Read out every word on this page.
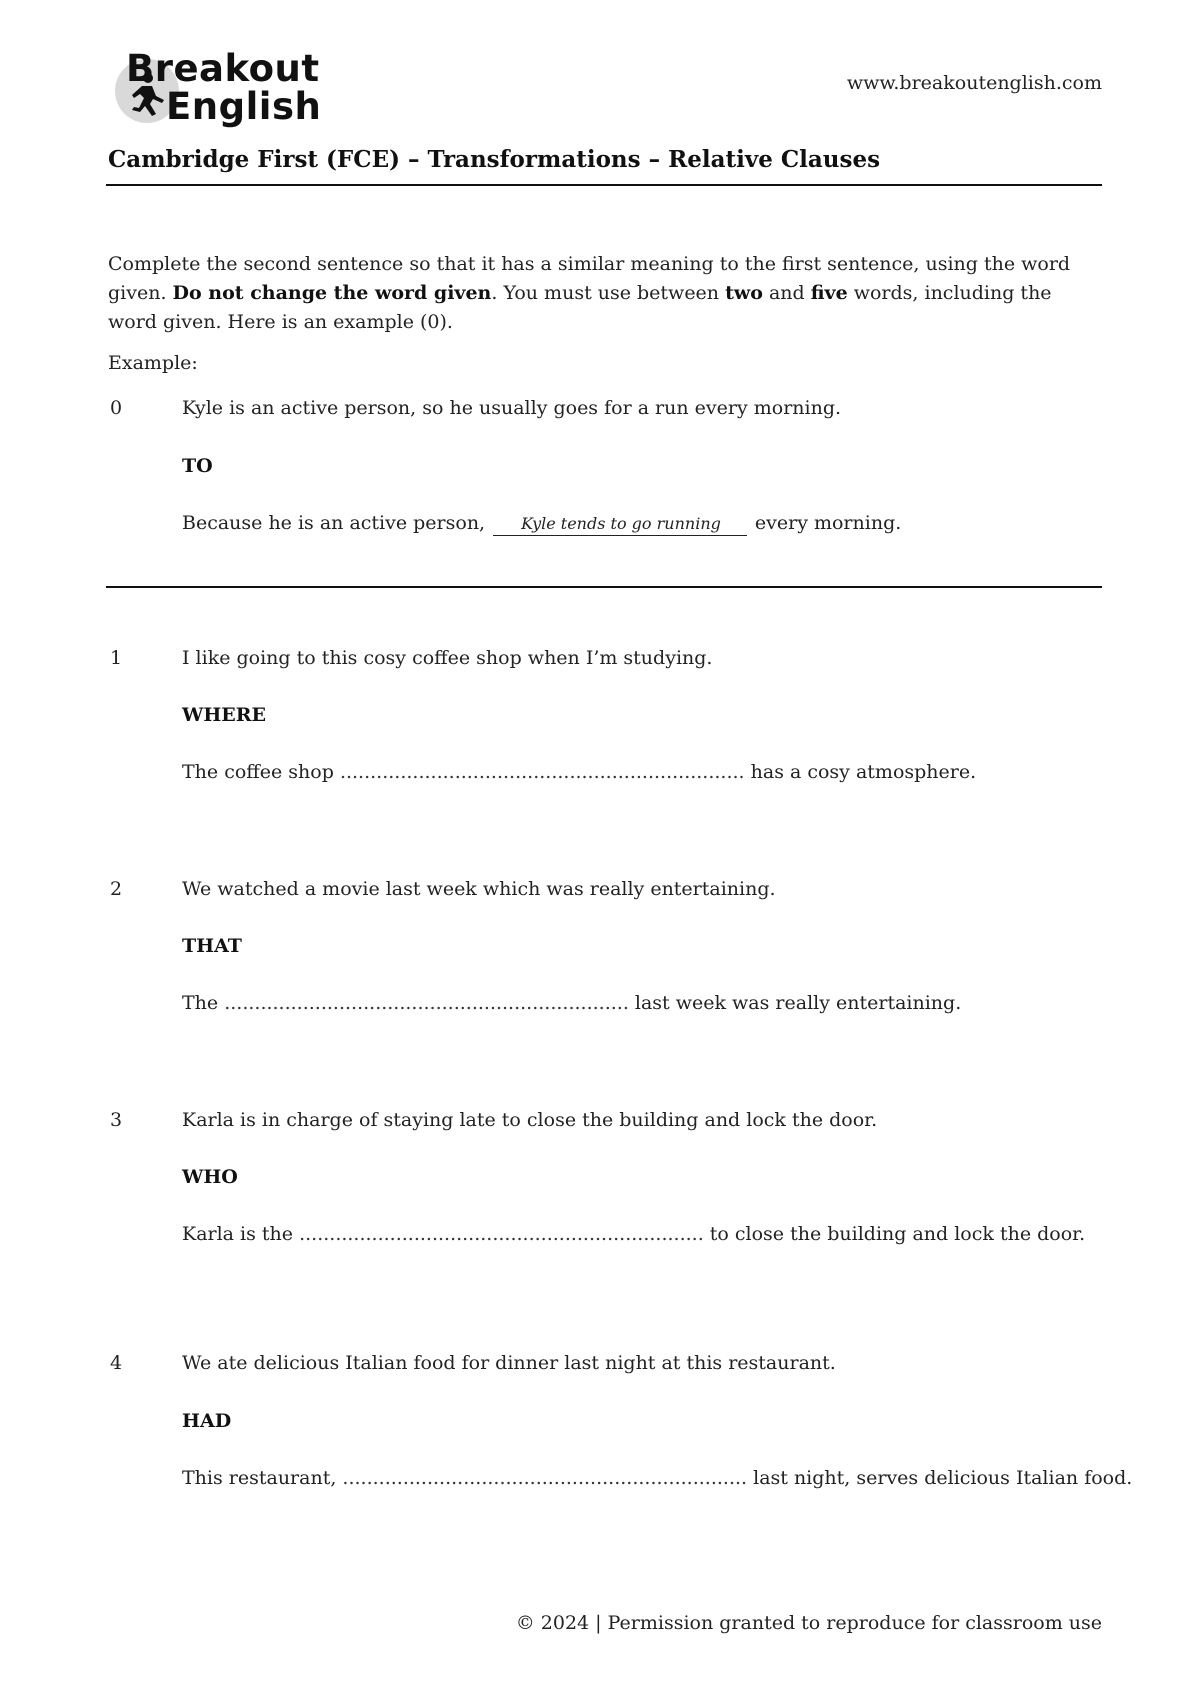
Breakout
English
www.breakoutenglish.com
Cambridge First (FCE) – Transformations – Relative Clauses
Complete the second sentence so that it has a similar meaning to the first sentence, using the word given. Do not change the word given. You must use between two and five words, including the word given. Here is an example (0).
Example:
0	Kyle is an active person, so he usually goes for a run every morning.
TO
Because he is an active person, Kyle tends to go running every morning.
1	I like going to this cosy coffee shop when I’m studying.
WHERE
The coffee shop ................................................................... has a cosy atmosphere.
2	We watched a movie last week which was really entertaining.
THAT
The ................................................................... last week was really entertaining.
3	Karla is in charge of staying late to close the building and lock the door.
WHO
Karla is the ................................................................... to close the building and lock the door.
4	We ate delicious Italian food for dinner last night at this restaurant.
HAD
This restaurant, ................................................................... last night, serves delicious Italian food.
© 2024 | Permission granted to reproduce for classroom use
